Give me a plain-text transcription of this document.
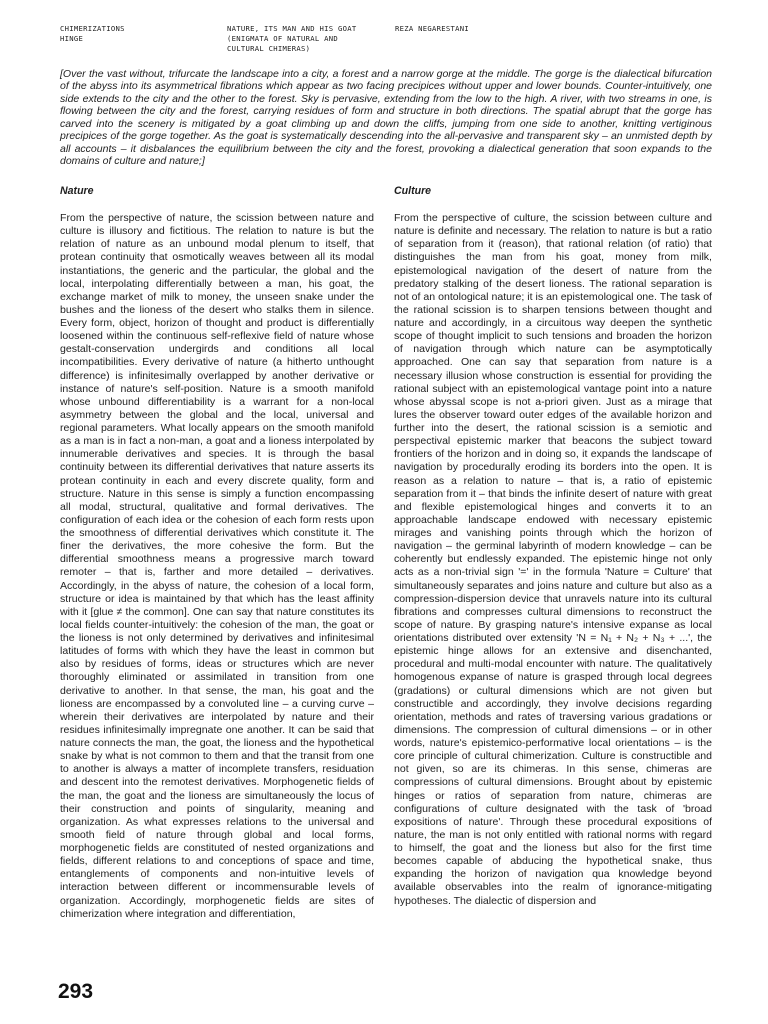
CHIMERIZATIONS
HINGE
NATURE, ITS MAN AND HIS GOAT
(ENIGMATA OF NATURAL AND
CULTURAL CHIMERAS)
REZA NEGARESTANI

[Over the vast without, trifurcate the landscape into a city, a forest and a narrow gorge at the middle. The gorge is the dialectical bifurcation of the abyss into its asymmetrical fibrations which appear as two facing precipices without upper and lower bounds. Counter-intuitively, one side extends to the city and the other to the forest. Sky is pervasive, extending from the low to the high. A river, with two streams in one, is flowing between the city and the forest, carrying residues of form and structure in both directions. The spatial abrupt that the gorge has carved into the scenery is mitigated by a goat climbing up and down the cliffs, jumping from one side to another, knitting vertiginous precipices of the gorge together. As the goat is systematically descending into the all-pervasive and transparent sky – an unmisted depth by all accounts – it disbalances the equilibrium between the city and the forest, provoking a dialectical generation that soon expands to the domains of culture and nature;]

Nature	Culture

From the perspective of nature, the scission between nature and culture is illusory and fictitious. The relation to nature is but the relation of nature as an unbound modal plenum to itself, that protean continuity that osmotically weaves between all its modal instantiations, the generic and the particular, the global and the local, interpolating differentially between a man, his goat, the exchange market of milk to money, the unseen snake under the bushes and the lioness of the desert who stalks them in silence. Every form, object, horizon of thought and product is differentially loosened within the continuous self-reflexive field of nature whose gestalt-conservation undergirds and conditions all local incompatibilities. Every derivative of nature (a hitherto unthought difference) is infinitesimally overlapped by another derivative or instance of nature's self-position. Nature is a smooth manifold whose unbound differentiability is a warrant for a non-local asymmetry between the global and the local, universal and regional parameters. What locally appears on the smooth manifold as a man is in fact a non-man, a goat and a lioness interpolated by innumerable derivatives and species. It is through the basal continuity between its differential derivatives that nature asserts its protean continuity in each and every discrete quality, form and structure. Nature in this sense is simply a function encompassing all modal, structural, qualitative and formal derivatives. The configuration of each idea or the cohesion of each form rests upon the smoothness of differential derivatives which constitute it. The finer the derivatives, the more cohesive the form. But the differential smoothness means a progressive march toward remoter – that is, farther and more detailed – derivatives. Accordingly, in the abyss of nature, the cohesion of a local form, structure or idea is maintained by that which has the least affinity with it [glue ≠ the common]. One can say that nature constitutes its local fields counter-intuitively: the cohesion of the man, the goat or the lioness is not only determined by derivatives and infinitesimal latitudes of forms with which they have the least in common but also by residues of forms, ideas or structures which are never thoroughly eliminated or assimilated in transition from one derivative to another. In that sense, the man, his goat and the lioness are encompassed by a convoluted line – a curving curve – wherein their derivatives are interpolated by nature and their residues infinitesimally impregnate one another. It can be said that nature connects the man, the goat, the lioness and the hypothetical snake by what is not common to them and that the transit from one to another is always a matter of incomplete transfers, residuation and descent into the remotest derivatives. Morphogenetic fields of the man, the goat and the lioness are simultaneously the locus of their construction and points of singularity, meaning and organization. As what expresses relations to the universal and smooth field of nature through global and local forms, morphogenetic fields are constituted of nested organizations and fields, different relations to and conceptions of space and time, entanglements of components and non-intuitive levels of interaction between different or incommensurable levels of organization. Accordingly, morphogenetic fields are sites of chimerization where integration and differentiation,

From the perspective of culture, the scission between culture and nature is definite and necessary. The relation to nature is but a ratio of separation from it (reason), that rational relation (of ratio) that distinguishes the man from his goat, money from milk, epistemological navigation of the desert of nature from the predatory stalking of the desert lioness. The rational separation is not of an ontological nature; it is an epistemological one. The task of the rational scission is to sharpen tensions between thought and nature and accordingly, in a circuitous way deepen the synthetic scope of thought implicit to such tensions and broaden the horizon of navigation through which nature can be asymptotically approached. One can say that separation from nature is a necessary illusion whose construction is essential for providing the rational subject with an epistemological vantage point into a nature whose abyssal scope is not a-priori given. Just as a mirage that lures the observer toward outer edges of the available horizon and further into the desert, the rational scission is a semiotic and perspectival epistemic marker that beacons the subject toward frontiers of the horizon and in doing so, it expands the landscape of navigation by procedurally eroding its borders into the open. It is reason as a relation to nature – that is, a ratio of epistemic separation from it – that binds the infinite desert of nature with great and flexible epistemological hinges and converts it to an approachable landscape endowed with necessary epistemic mirages and vanishing points through which the horizon of navigation – the germinal labyrinth of modern knowledge – can be coherently but endlessly expanded. The epistemic hinge not only acts as a non-trivial sign '=' in the formula 'Nature = Culture' that simultaneously separates and joins nature and culture but also as a compression-dispersion device that unravels nature into its cultural fibrations and compresses cultural dimensions to reconstruct the scope of nature. By grasping nature's intensive expanse as local orientations distributed over extensity 'N = N₁ + N₂ + N₃ + ...', the epistemic hinge allows for an extensive and disenchanted, procedural and multi-modal encounter with nature. The qualitatively homogenous expanse of nature is grasped through local degrees (gradations) or cultural dimensions which are not given but constructible and accordingly, they involve decisions regarding orientation, methods and rates of traversing various gradations or dimensions. The compression of cultural dimensions – or in other words, nature's epistemico-performative local orientations – is the core principle of cultural chimerization. Culture is constructible and not given, so are its chimeras. In this sense, chimeras are compressions of cultural dimensions. Brought about by epistemic hinges or ratios of separation from nature, chimeras are configurations of culture designated with the task of 'broad expositions of nature'. Through these procedural expositions of nature, the man is not only entitled with rational norms with regard to himself, the goat and the lioness but also for the first time becomes capable of abducing the hypothetical snake, thus expanding the horizon of navigation qua knowledge beyond available observables into the realm of ignorance-mitigating hypotheses. The dialectic of dispersion and

293
